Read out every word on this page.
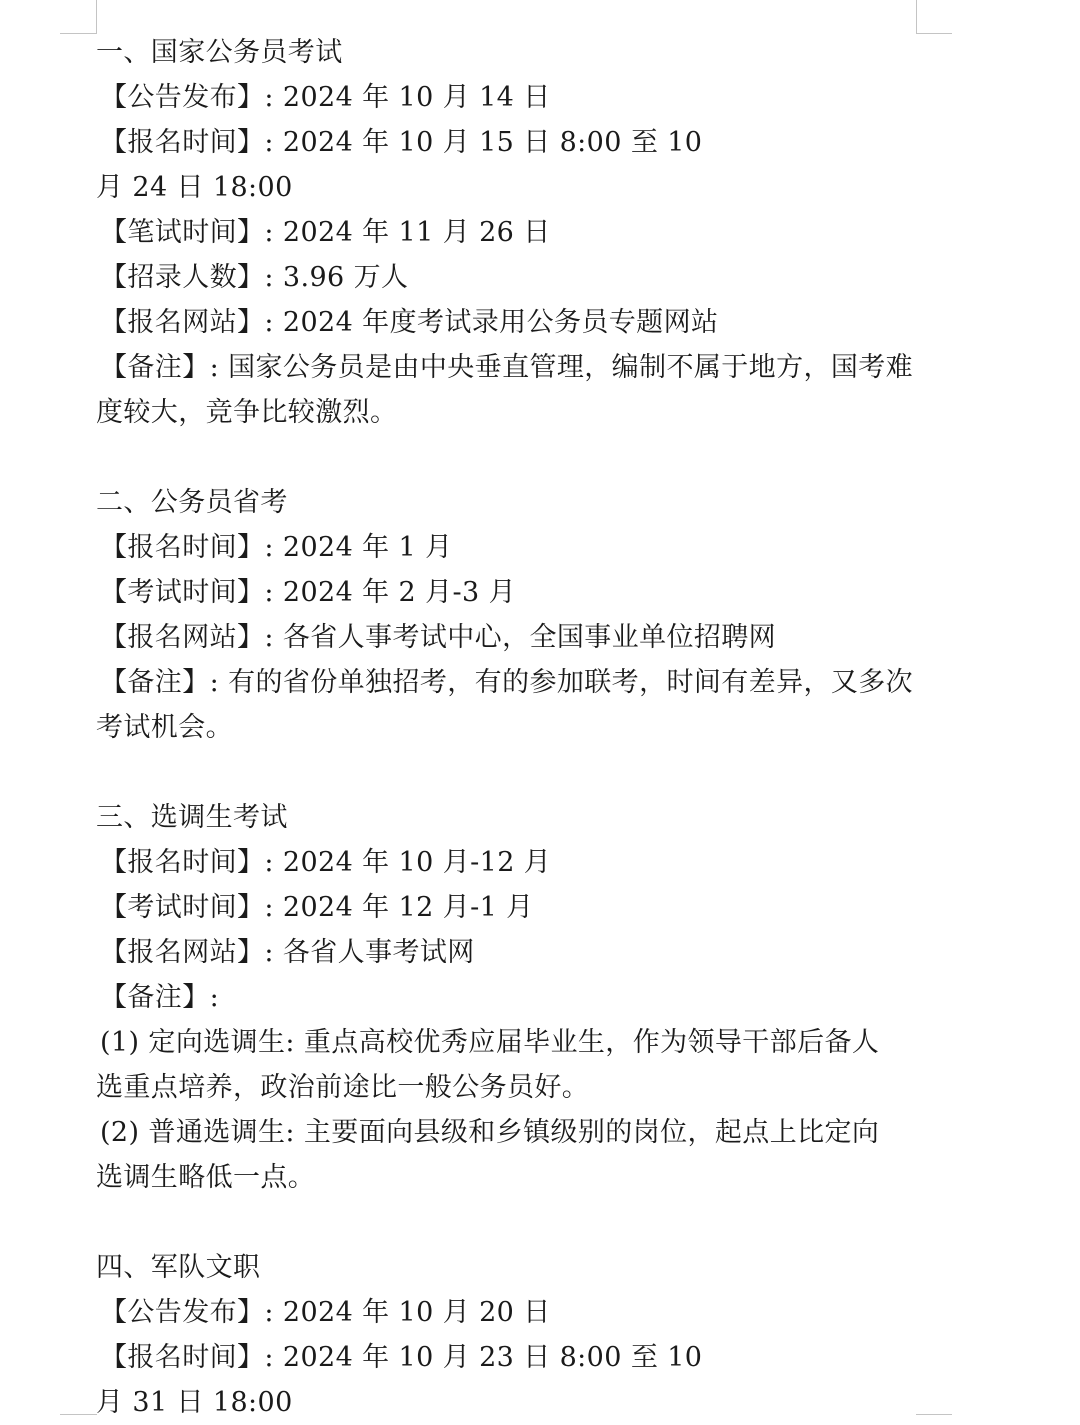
一、国家公务员考试
【公告发布】: 2024 年 10 月 14 日
【报名时间】: 2024 年 10 月 15 日 8:00 至 10
月 24 日 18:00
【笔试时间】: 2024 年 11 月 26 日
【招录人数】: 3.96 万人
【报名网站】: 2024 年度考试录用公务员专题网站
【备注】: 国家公务员是由中央垂直管理，编制不属于地方，国考难
度较大，竞争比较激烈。
二、公务员省考
【报名时间】: 2024 年 1 月
【考试时间】: 2024 年 2 月-3 月
【报名网站】: 各省人事考试中心，全国事业单位招聘网
【备注】: 有的省份单独招考，有的参加联考，时间有差异，又多次
考试机会。
三、选调生考试
【报名时间】: 2024 年 10 月-12 月
【考试时间】: 2024 年 12 月-1 月
【报名网站】: 各省人事考试网
【备注】:
(1) 定向选调生: 重点高校优秀应届毕业生，作为领导干部后备人
选重点培养，政治前途比一般公务员好。
(2) 普通选调生: 主要面向县级和乡镇级别的岗位，起点上比定向
选调生略低一点。
四、军队文职
【公告发布】: 2024 年 10 月 20 日
【报名时间】: 2024 年 10 月 23 日 8:00 至 10
月 31 日 18:00
